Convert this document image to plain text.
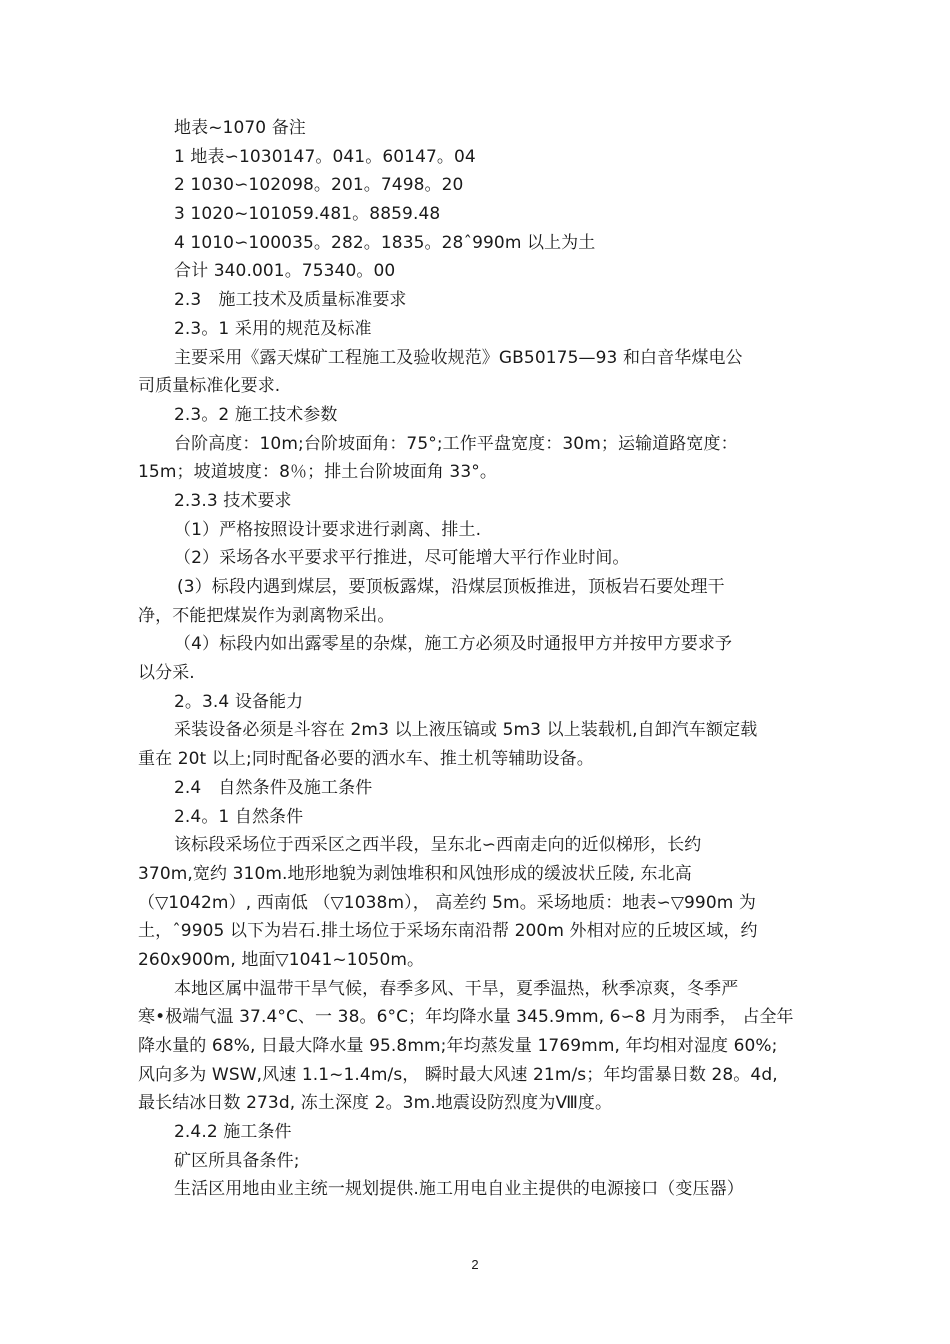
地表~1070 备注
1 地表∽1030147。041。60147。04
2 1030∽102098。201。7498。20
3 1020~101059.481。8859.48
4 1010∽100035。282。1835。28ˆ990m 以上为土
合计 340.001。75340。00
2.3　施工技术及质量标准要求
2.3。1 采用的规范及标准
主要采用《露天煤矿工程施工及验收规范》GB50175—93 和白音华煤电公
司质量标准化要求.
2.3。2 施工技术参数
台阶高度：10m;台阶坡面角：75°;工作平盘宽度：30m；运输道路宽度：
15m；坡道坡度：8％；排土台阶坡面角 33°。
2.3.3 技术要求
（1）严格按照设计要求进行剥离、排土.
（2）采场各水平要求平行推进，尽可能增大平行作业时间。
(3）标段内遇到煤层，要顶板露煤，沿煤层顶板推进，顶板岩石要处理干
净，不能把煤炭作为剥离物采出。
（4）标段内如出露零星的杂煤，施工方必须及时通报甲方并按甲方要求予
以分采.
2。3.4 设备能力
采装设备必须是斗容在 2m3 以上液压镐或 5m3 以上装载机,自卸汽车额定载
重在 20t 以上;同时配备必要的洒水车、推土机等辅助设备。
2.4　自然条件及施工条件
2.4。1 自然条件
该标段采场位于西采区之西半段，呈东北∽西南走向的近似梯形，长约
370m,宽约 310m.地形地貌为剥蚀堆积和风蚀形成的缓波状丘陵, 东北高
（▽1042m）, 西南低 （▽1038m）， 高差约 5m。采场地质：地表∽▽990m 为
土，ˆ9905 以下为岩石.排土场位于采场东南沿帮 200m 外相对应的丘坡区域，约
260x900m, 地面▽1041~1050m。
本地区属中温带干旱气候，春季多风、干旱，夏季温热，秋季凉爽，冬季严
寒•极端气温 37.4°C、一 38。6°C；年均降水量 345.9mm, 6∽8 月为雨季， 占全年
降水量的 68%, 日最大降水量 95.8mm;年均蒸发量 1769mm, 年均相对湿度 60%;
风向多为 WSW,风速 1.1~1.4m/s， 瞬时最大风速 21m/s；年均雷暴日数 28。4d,
最长结冰日数 273d, 冻土深度 2。3m.地震设防烈度为Ⅷ度。
2.4.2 施工条件
矿区所具备条件;
生活区用地由业主统一规划提供.施工用电自业主提供的电源接口（变压器）
2
